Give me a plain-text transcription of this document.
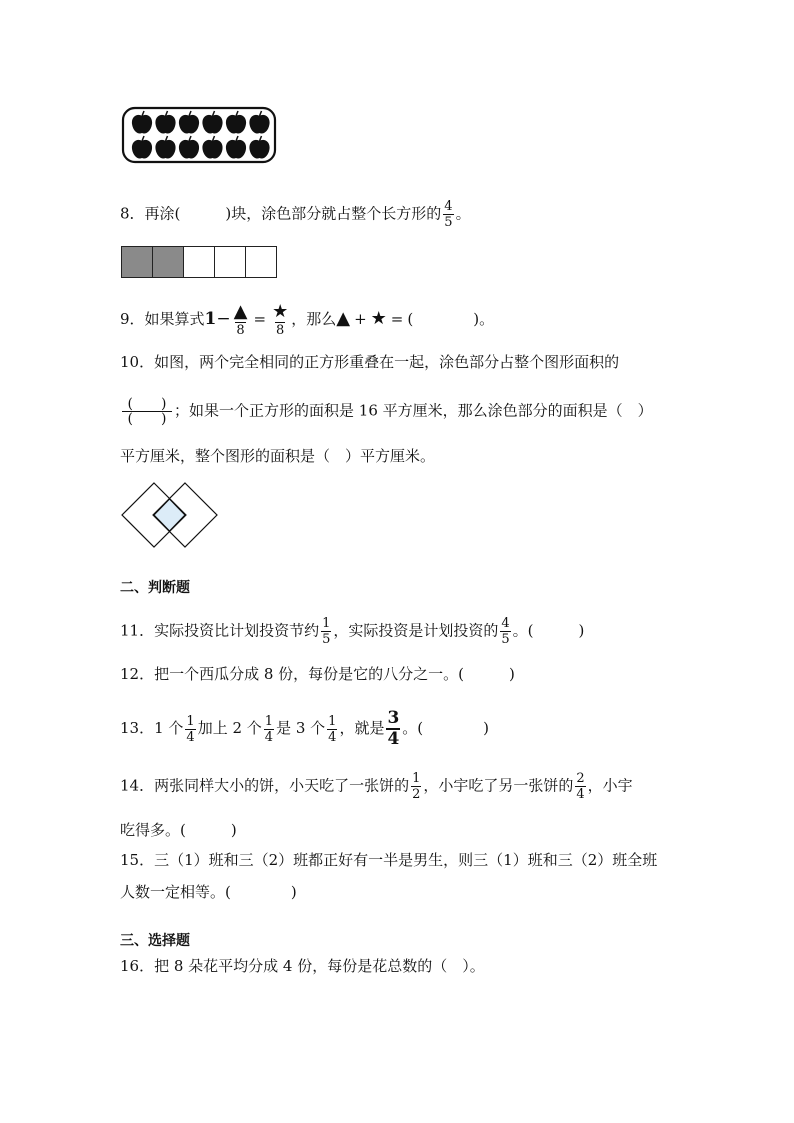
8．再涂(　　　	)块，涂色部分就占整个长方形的 $\frac{4}{5}$ 。
9．如果算式$1- \frac{▲}{8} = \frac{★}{8}$ ，那么▲ + ★ = (　　　　)。
10．如图，两个完全相同的正方形重叠在一起，涂色部分占整个图形面积的
$\frac{( )}{( )}$ ；如果一个正方形的面积是 16 平方厘米，那么涂色部分的面积是（　）
平方厘米，整个图形的面积是（　）平方厘米。
二、判断题
11．实际投资比计划投资节约 $\frac{1}{5}$ ，实际投资是计划投资的 $\frac{4}{5}$ 。(　　　)
12．把一个西瓜分成 8 份，每份是它的八分之一。(　　　)
13．1 个 $\frac{1}{4}$ 加上 2 个 $\frac{1}{4}$ 是 3 个 $\frac{1}{4}$ ，就是 $\frac{3}{4}$ 。(　　　　)
14．两张同样大小的饼，小天吃了一张饼的 $\frac{1}{2}$ ，小宇吃了另一张饼的 $\frac{2}{4}$ ，小宇
吃得多。(　　　)
15．三（1）班和三（2）班都正好有一半是男生，则三（1）班和三（2）班全班
人数一定相等。(　　　　)
三、选择题
16．把 8 朵花平均分成 4 份，每份是花总数的（　）。
